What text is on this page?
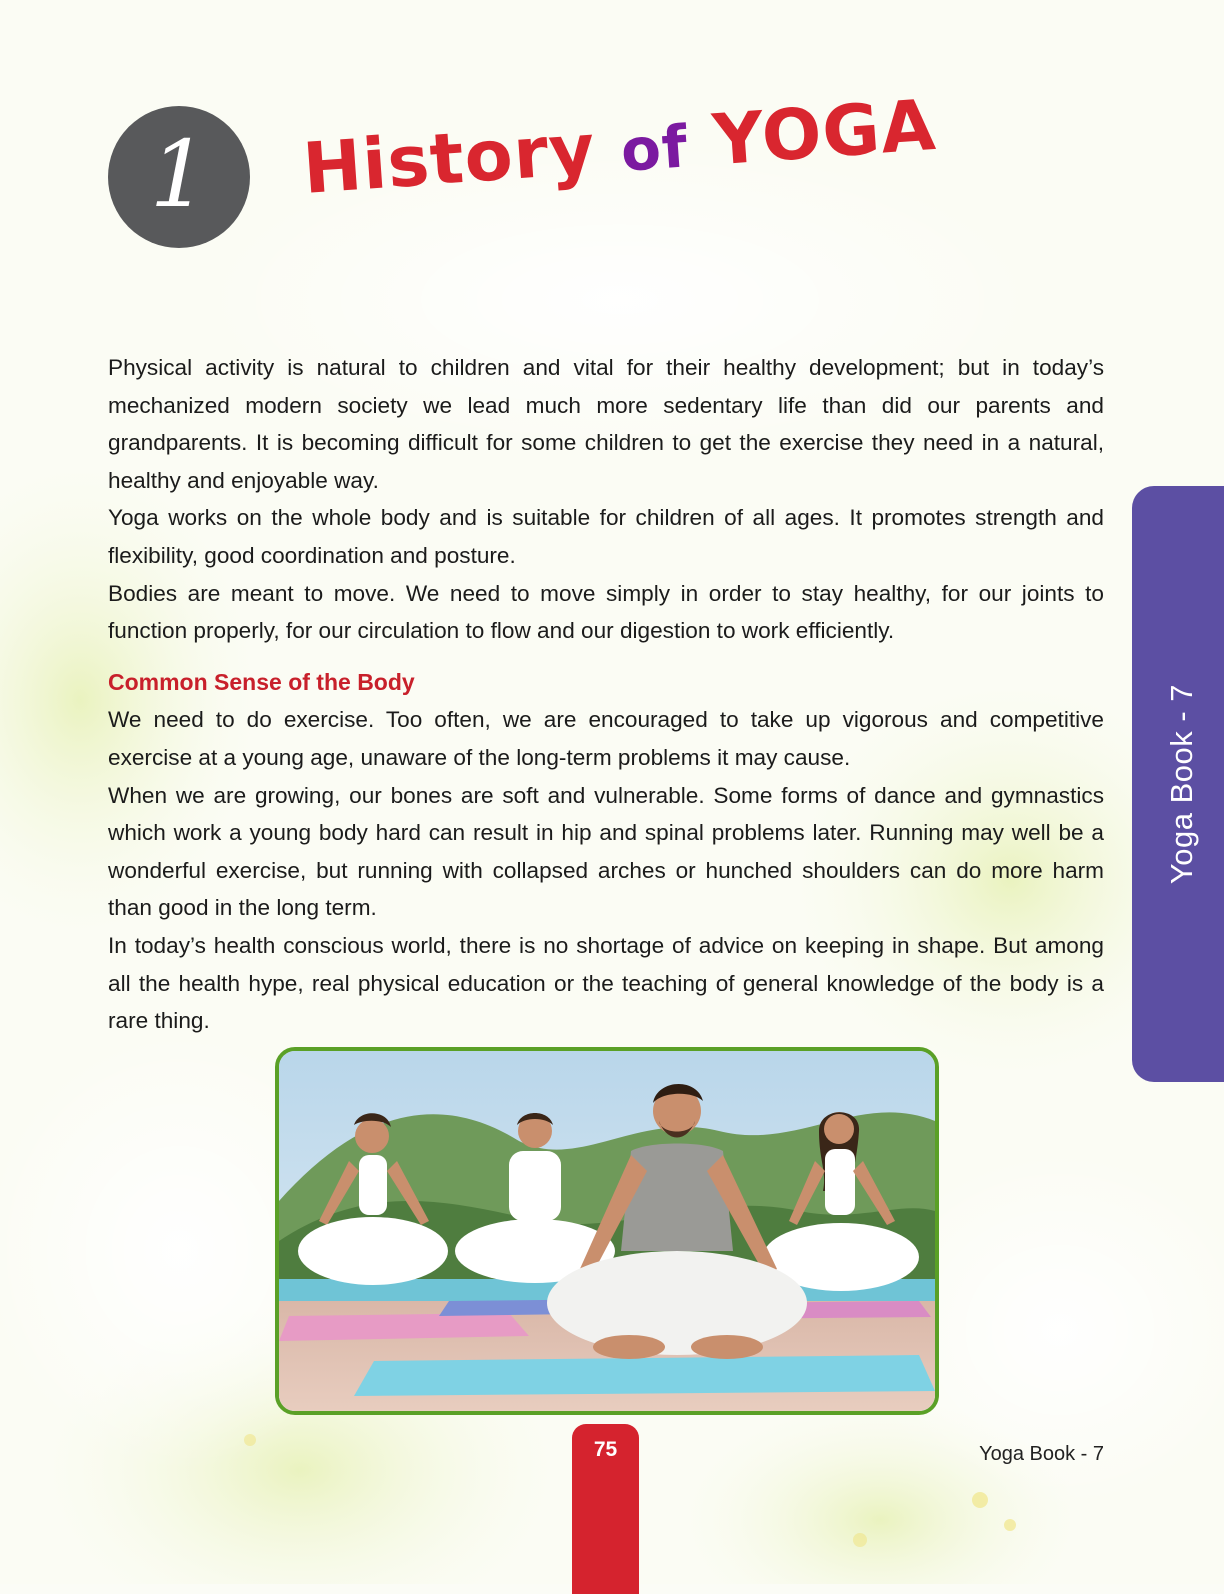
1 History of YOGA

Physical activity is natural to children and vital for their healthy development; but in today’s mechanized modern society we lead much more sedentary life than did our parents and grandparents. It is becoming difficult for some children to get the exercise they need in a natural, healthy and enjoyable way.

Yoga works on the whole body and is suitable for children of all ages. It promotes strength and flexibility, good coordination and posture.

Bodies are meant to move. We need to move simply in order to stay healthy, for our joints to function properly, for our circulation to flow and our digestion to work efficiently.

Common Sense of the Body

We need to do exercise. Too often, we are encouraged to take up vigorous and competitive exercise at a young age, unaware of the long-term problems it may cause.

When we are growing, our bones are soft and vulnerable. Some forms of dance and gymnastics which work a young body hard can result in hip and spinal problems later. Running may well be a wonderful exercise, but running with collapsed arches or hunched shoulders can do more harm than good in the long term.

In today’s health conscious world, there is no shortage of advice on keeping in shape. But among all the health hype, real physical education or the teaching of general knowledge of the body is a rare thing.

Yoga Book - 7
75	Yoga Book - 7
